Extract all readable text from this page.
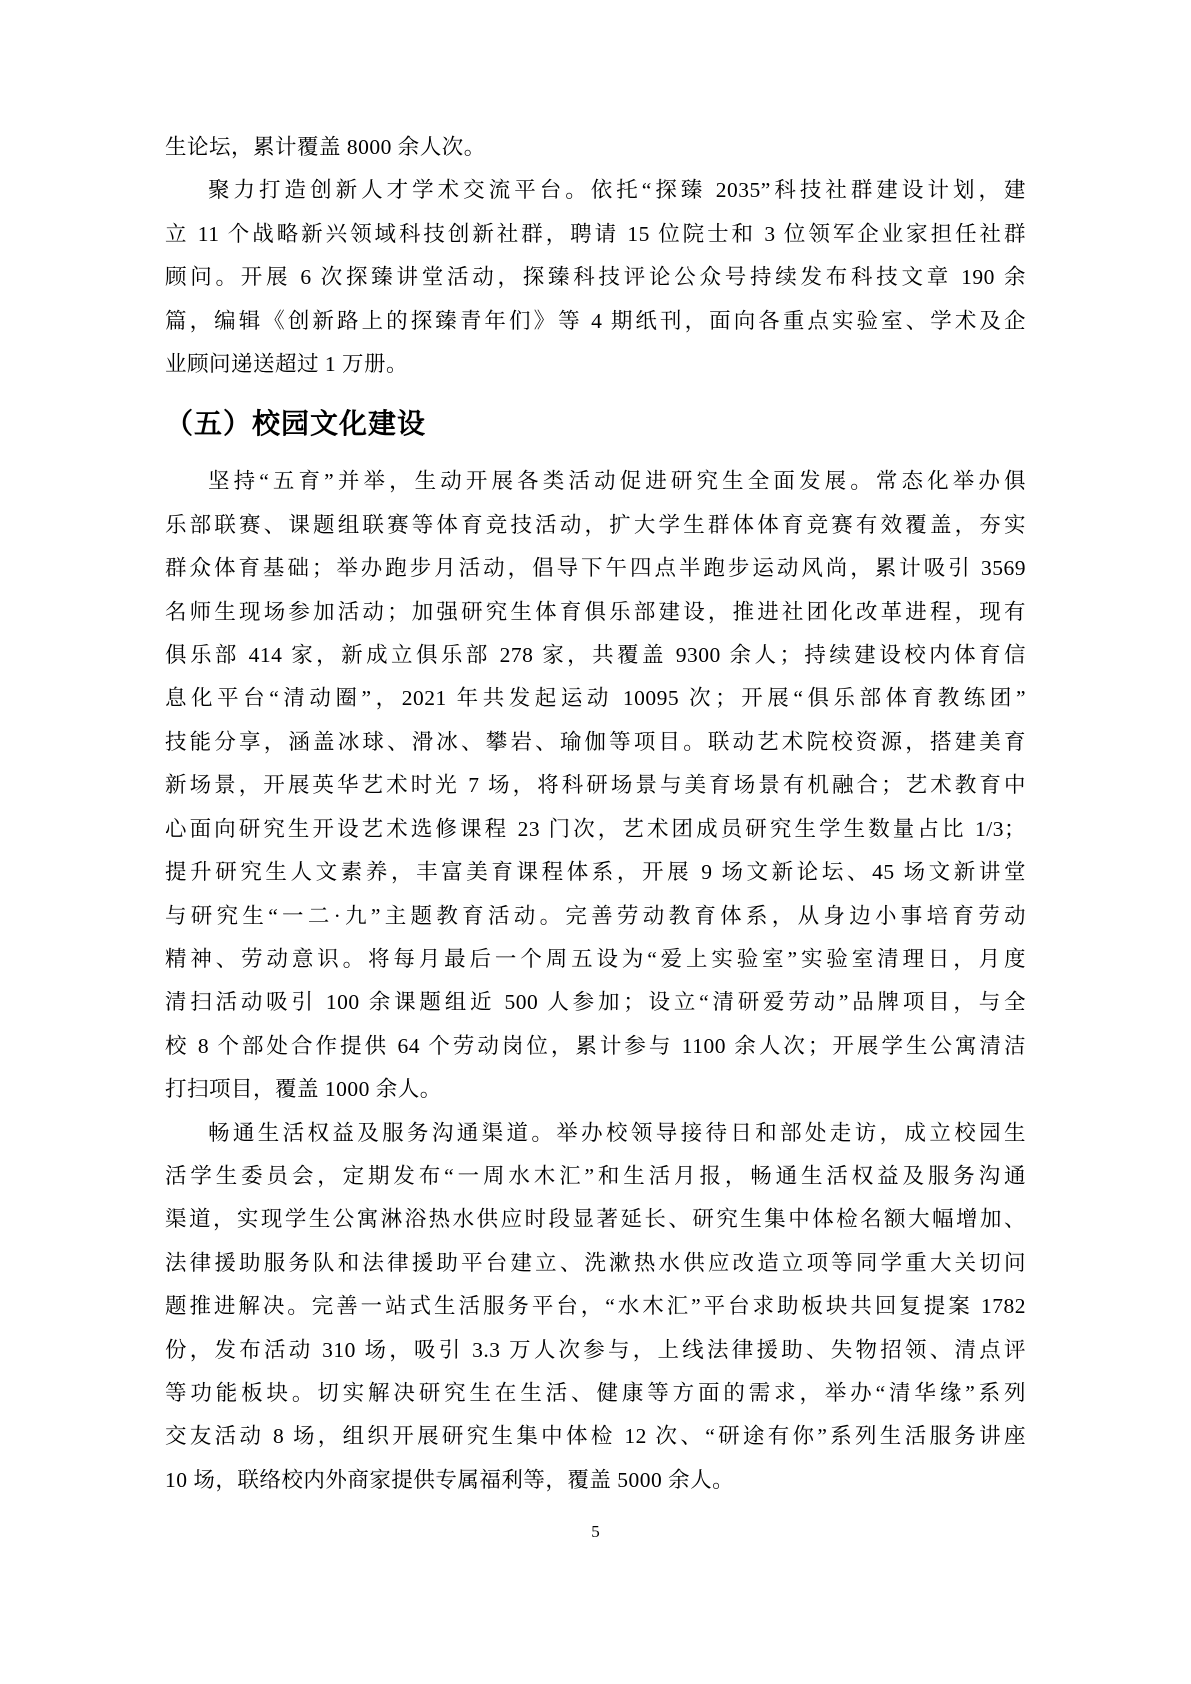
生论坛，累计覆盖 8000 余人次。

聚力打造创新人才学术交流平台。依托“探臻 2035”科技社群建设计划，建
立 11 个战略新兴领域科技创新社群，聘请 15 位院士和 3 位领军企业家担任社群
顾问。开展 6 次探臻讲堂活动，探臻科技评论公众号持续发布科技文章 190 余
篇，编辑《创新路上的探臻青年们》等 4 期纸刊，面向各重点实验室、学术及企
业顾问递送超过 1 万册。

（五）校园文化建设

坚持“五育”并举，生动开展各类活动促进研究生全面发展。常态化举办俱
乐部联赛、课题组联赛等体育竞技活动，扩大学生群体体育竞赛有效覆盖，夯实
群众体育基础；举办跑步月活动，倡导下午四点半跑步运动风尚，累计吸引 3569
名师生现场参加活动；加强研究生体育俱乐部建设，推进社团化改革进程，现有
俱乐部 414 家，新成立俱乐部 278 家，共覆盖 9300 余人；持续建设校内体育信
息化平台“清动圈”，2021 年共发起运动 10095 次；开展“俱乐部体育教练团”
技能分享，涵盖冰球、滑冰、攀岩、瑜伽等项目。联动艺术院校资源，搭建美育
新场景，开展英华艺术时光 7 场，将科研场景与美育场景有机融合；艺术教育中
心面向研究生开设艺术选修课程 23 门次，艺术团成员研究生学生数量占比 1/3；
提升研究生人文素养，丰富美育课程体系，开展 9 场文新论坛、45 场文新讲堂
与研究生“一二·九”主题教育活动。完善劳动教育体系，从身边小事培育劳动
精神、劳动意识。将每月最后一个周五设为“爱上实验室”实验室清理日，月度
清扫活动吸引 100 余课题组近 500 人参加；设立“清研爱劳动”品牌项目，与全
校 8 个部处合作提供 64 个劳动岗位，累计参与 1100 余人次；开展学生公寓清洁
打扫项目，覆盖 1000 余人。

畅通生活权益及服务沟通渠道。举办校领导接待日和部处走访，成立校园生
活学生委员会，定期发布“一周水木汇”和生活月报，畅通生活权益及服务沟通
渠道，实现学生公寓淋浴热水供应时段显著延长、研究生集中体检名额大幅增加、
法律援助服务队和法律援助平台建立、洗漱热水供应改造立项等同学重大关切问
题推进解决。完善一站式生活服务平台，“水木汇”平台求助板块共回复提案 1782
份，发布活动 310 场，吸引 3.3 万人次参与，上线法律援助、失物招领、清点评
等功能板块。切实解决研究生在生活、健康等方面的需求，举办“清华缘”系列
交友活动 8 场，组织开展研究生集中体检 12 次、“研途有你”系列生活服务讲座
10 场，联络校内外商家提供专属福利等，覆盖 5000 余人。

5
